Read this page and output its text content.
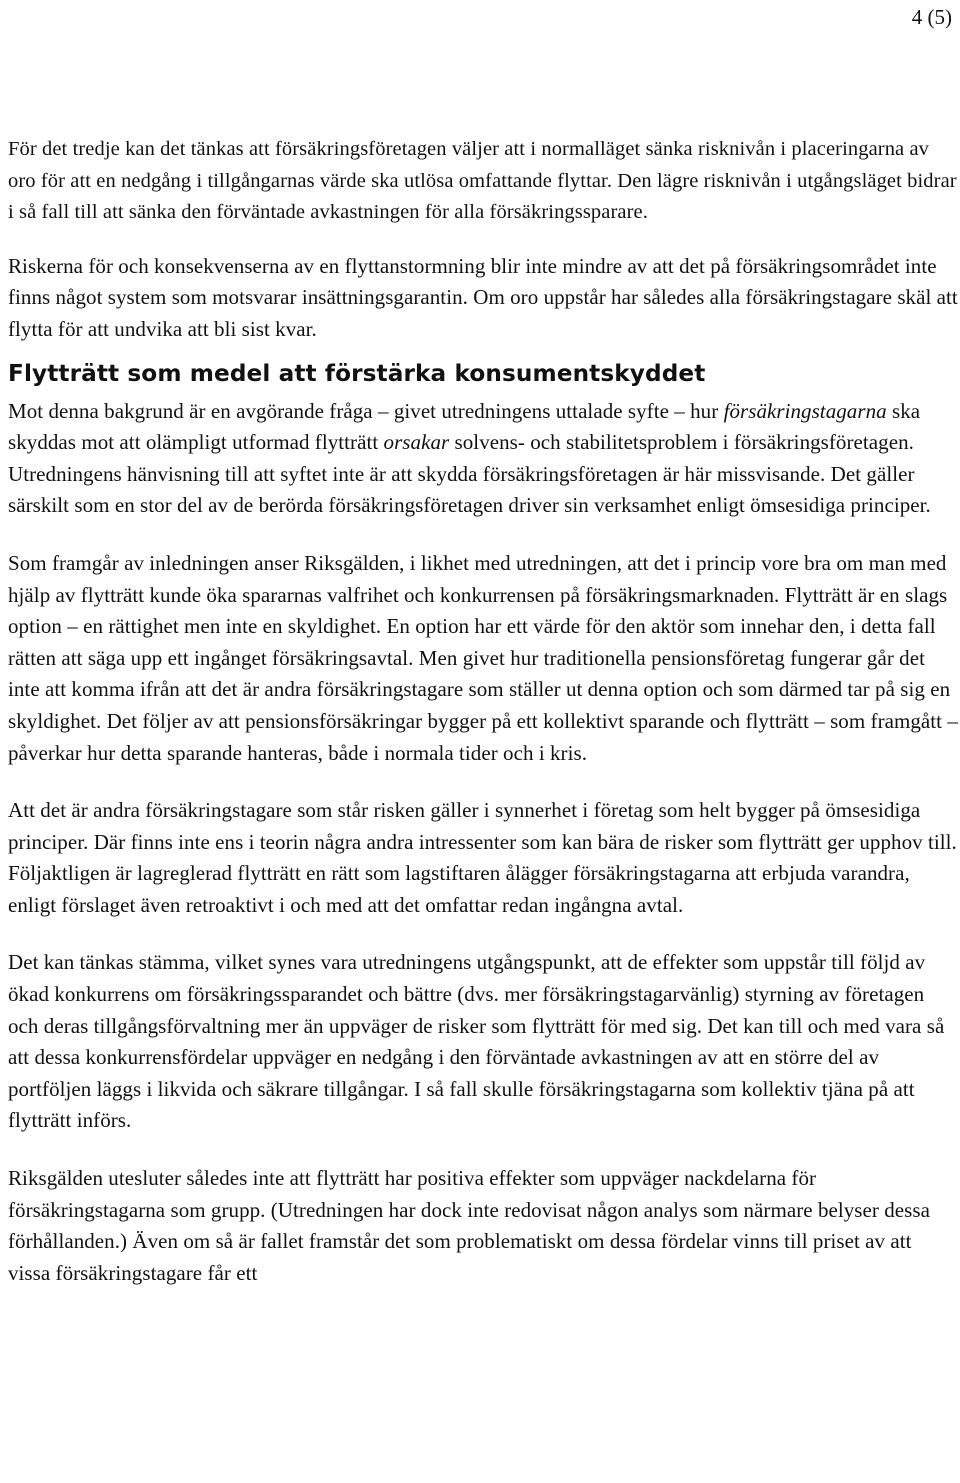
4 (5)

För det tredje kan det tänkas att försäkringsföretagen väljer att i normalläget sänka risknivån i placeringarna av oro för att en nedgång i tillgångarnas värde ska utlösa omfattande flyttar. Den lägre risknivån i utgångsläget bidrar i så fall till att sänka den förväntade avkastningen för alla försäkringssparare.

Riskerna för och konsekvenserna av en flyttanstormning blir inte mindre av att det på försäkringsområdet inte finns något system som motsvarar insättningsgarantin. Om oro uppstår har således alla försäkringstagare skäl att flytta för att undvika att bli sist kvar.

Flytträtt som medel att förstärka konsumentskyddet

Mot denna bakgrund är en avgörande fråga – givet utredningens uttalade syfte – hur försäkringstagarna ska skyddas mot att olämpligt utformad flytträtt orsakar solvens- och stabilitetsproblem i försäkringsföretagen. Utredningens hänvisning till att syftet inte är att skydda försäkringsföretagen är här missvisande. Det gäller särskilt som en stor del av de berörda försäkringsföretagen driver sin verksamhet enligt ömsesidiga principer.

Som framgår av inledningen anser Riksgälden, i likhet med utredningen, att det i princip vore bra om man med hjälp av flytträtt kunde öka spararnas valfrihet och konkurrensen på försäkringsmarknaden. Flytträtt är en slags option – en rättighet men inte en skyldighet. En option har ett värde för den aktör som innehar den, i detta fall rätten att säga upp ett ingånget försäkringsavtal. Men givet hur traditionella pensionsföretag fungerar går det inte att komma ifrån att det är andra försäkringstagare som ställer ut denna option och som därmed tar på sig en skyldighet. Det följer av att pensionsförsäkringar bygger på ett kollektivt sparande och flytträtt – som framgått – påverkar hur detta sparande hanteras, både i normala tider och i kris.

Att det är andra försäkringstagare som står risken gäller i synnerhet i företag som helt bygger på ömsesidiga principer. Där finns inte ens i teorin några andra intressenter som kan bära de risker som flytträtt ger upphov till. Följaktligen är lagreglerad flytträtt en rätt som lagstiftaren ålägger försäkringstagarna att erbjuda varandra, enligt förslaget även retroaktivt i och med att det omfattar redan ingångna avtal.

Det kan tänkas stämma, vilket synes vara utredningens utgångspunkt, att de effekter som uppstår till följd av ökad konkurrens om försäkringssparandet och bättre (dvs. mer försäkringstagarvänlig) styrning av företagen och deras tillgångsförvaltning mer än uppväger de risker som flytträtt för med sig. Det kan till och med vara så att dessa konkurrensfördelar uppväger en nedgång i den förväntade avkastningen av att en större del av portföljen läggs i likvida och säkrare tillgångar. I så fall skulle försäkringstagarna som kollektiv tjäna på att flytträtt införs.

Riksgälden utesluter således inte att flytträtt har positiva effekter som uppväger nackdelarna för försäkringstagarna som grupp. (Utredningen har dock inte redovisat någon analys som närmare belyser dessa förhållanden.) Även om så är fallet framstår det som problematiskt om dessa fördelar vinns till priset av att vissa försäkringstagare får ett
